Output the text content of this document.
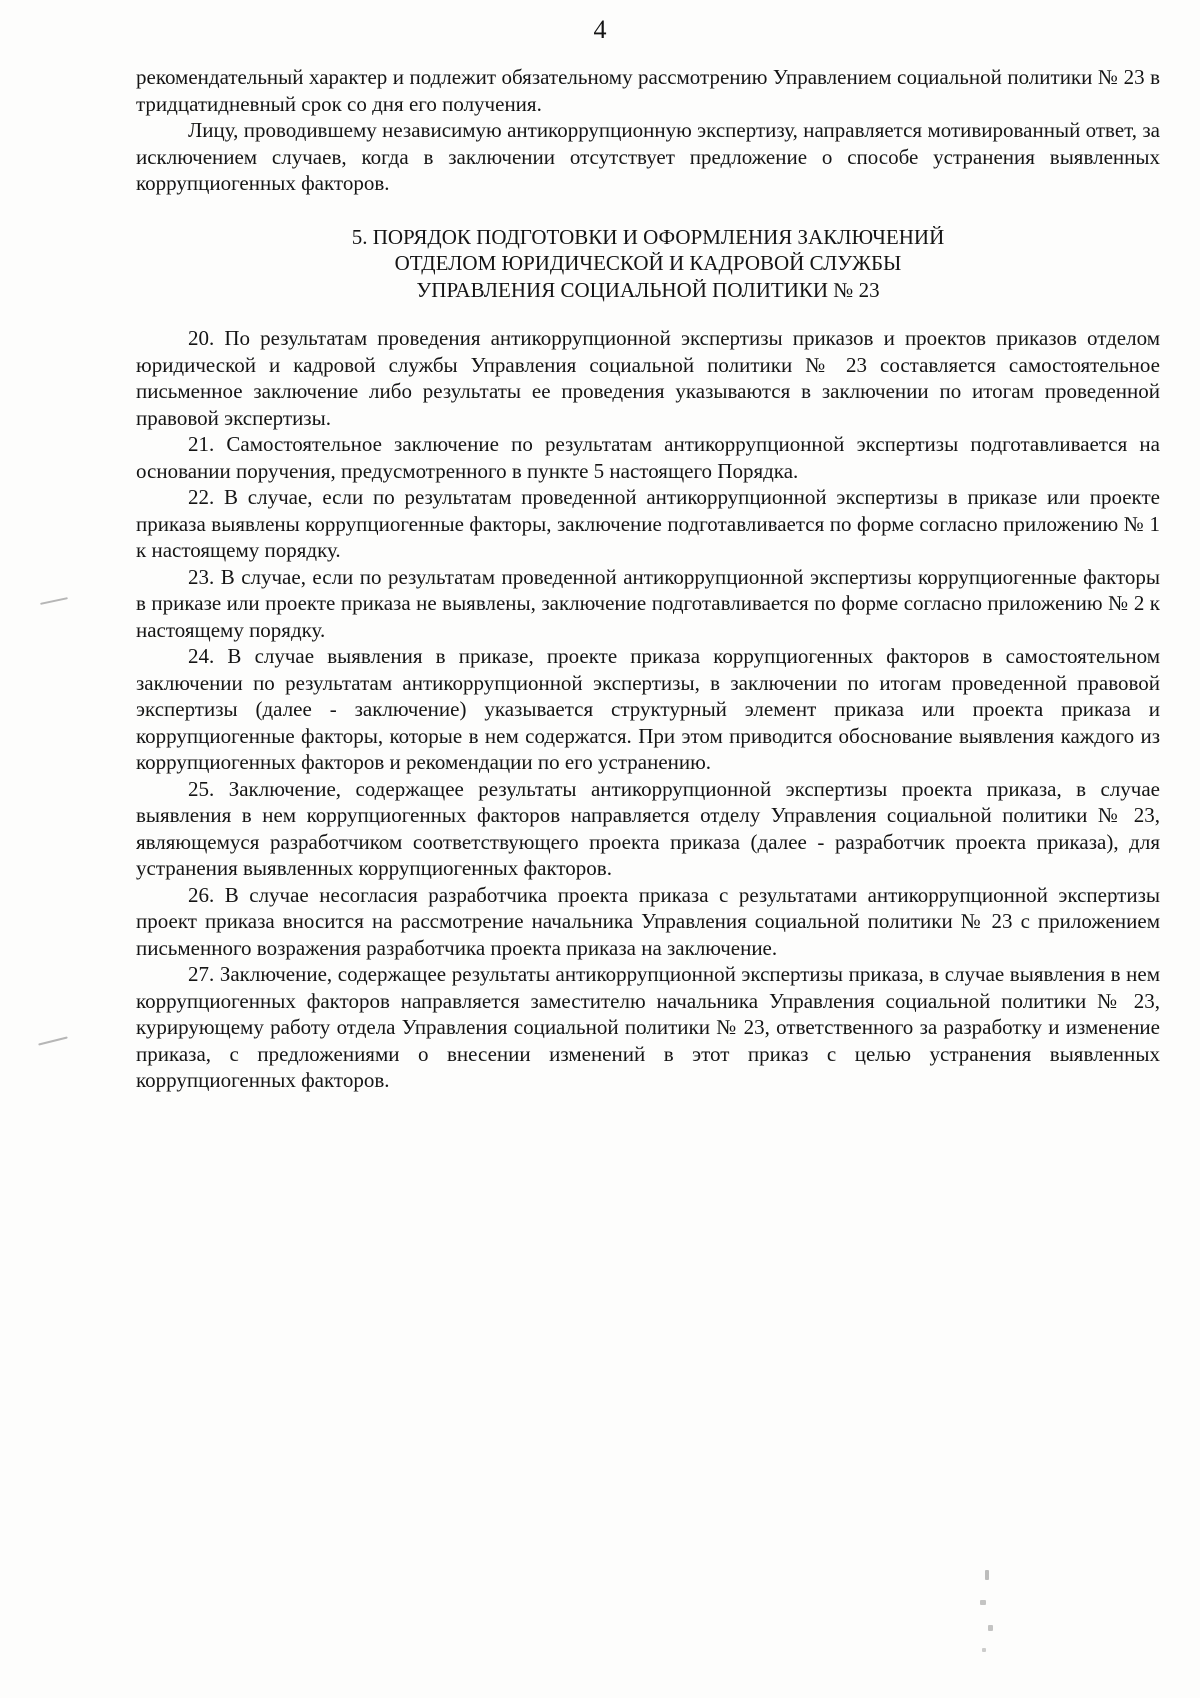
4

рекомендательный характер и подлежит обязательному рассмотрению Управлением социальной политики № 23 в тридцатидневный срок со дня его получения.

Лицу, проводившему независимую антикоррупционную экспертизу, направляется мотивированный ответ, за исключением случаев, когда в заключении отсутствует предложение о способе устранения выявленных коррупциогенных факторов.

5. ПОРЯДОК ПОДГОТОВКИ И ОФОРМЛЕНИЯ ЗАКЛЮЧЕНИЙ
ОТДЕЛОМ ЮРИДИЧЕСКОЙ И КАДРОВОЙ СЛУЖБЫ
УПРАВЛЕНИЯ СОЦИАЛЬНОЙ ПОЛИТИКИ № 23

20. По результатам проведения антикоррупционной экспертизы приказов и проектов приказов отделом юридической и кадровой службы Управления социальной политики № 23 составляется самостоятельное письменное заключение либо результаты ее проведения указываются в заключении по итогам проведенной правовой экспертизы.

21. Самостоятельное заключение по результатам антикоррупционной экспертизы подготавливается на основании поручения, предусмотренного в пункте 5 настоящего Порядка.

22. В случае, если по результатам проведенной антикоррупционной экспертизы в приказе или проекте приказа выявлены коррупциогенные факторы, заключение подготавливается по форме согласно приложению № 1 к настоящему порядку.

23. В случае, если по результатам проведенной антикоррупционной экспертизы коррупциогенные факторы в приказе или проекте приказа не выявлены, заключение подготавливается по форме согласно приложению № 2 к настоящему порядку.

24. В случае выявления в приказе, проекте приказа коррупциогенных факторов в самостоятельном заключении по результатам антикоррупционной экспертизы, в заключении по итогам проведенной правовой экспертизы (далее - заключение) указывается структурный элемент приказа или проекта приказа и коррупциогенные факторы, которые в нем содержатся. При этом приводится обоснование выявления каждого из коррупциогенных факторов и рекомендации по его устранению.

25. Заключение, содержащее результаты антикоррупционной экспертизы проекта приказа, в случае выявления в нем коррупциогенных факторов направляется отделу Управления социальной политики № 23, являющемуся разработчиком соответствующего проекта приказа (далее - разработчик проекта приказа), для устранения выявленных коррупциогенных факторов.

26. В случае несогласия разработчика проекта приказа с результатами антикоррупционной экспертизы проект приказа вносится на рассмотрение начальника Управления социальной политики № 23 с приложением письменного возражения разработчика проекта приказа на заключение.

27. Заключение, содержащее результаты антикоррупционной экспертизы приказа, в случае выявления в нем коррупциогенных факторов направляется заместителю начальника Управления социальной политики № 23, курирующему работу отдела Управления социальной политики № 23, ответственного за разработку и изменение приказа, с предложениями о внесении изменений в этот приказ с целью устранения выявленных коррупциогенных факторов.
